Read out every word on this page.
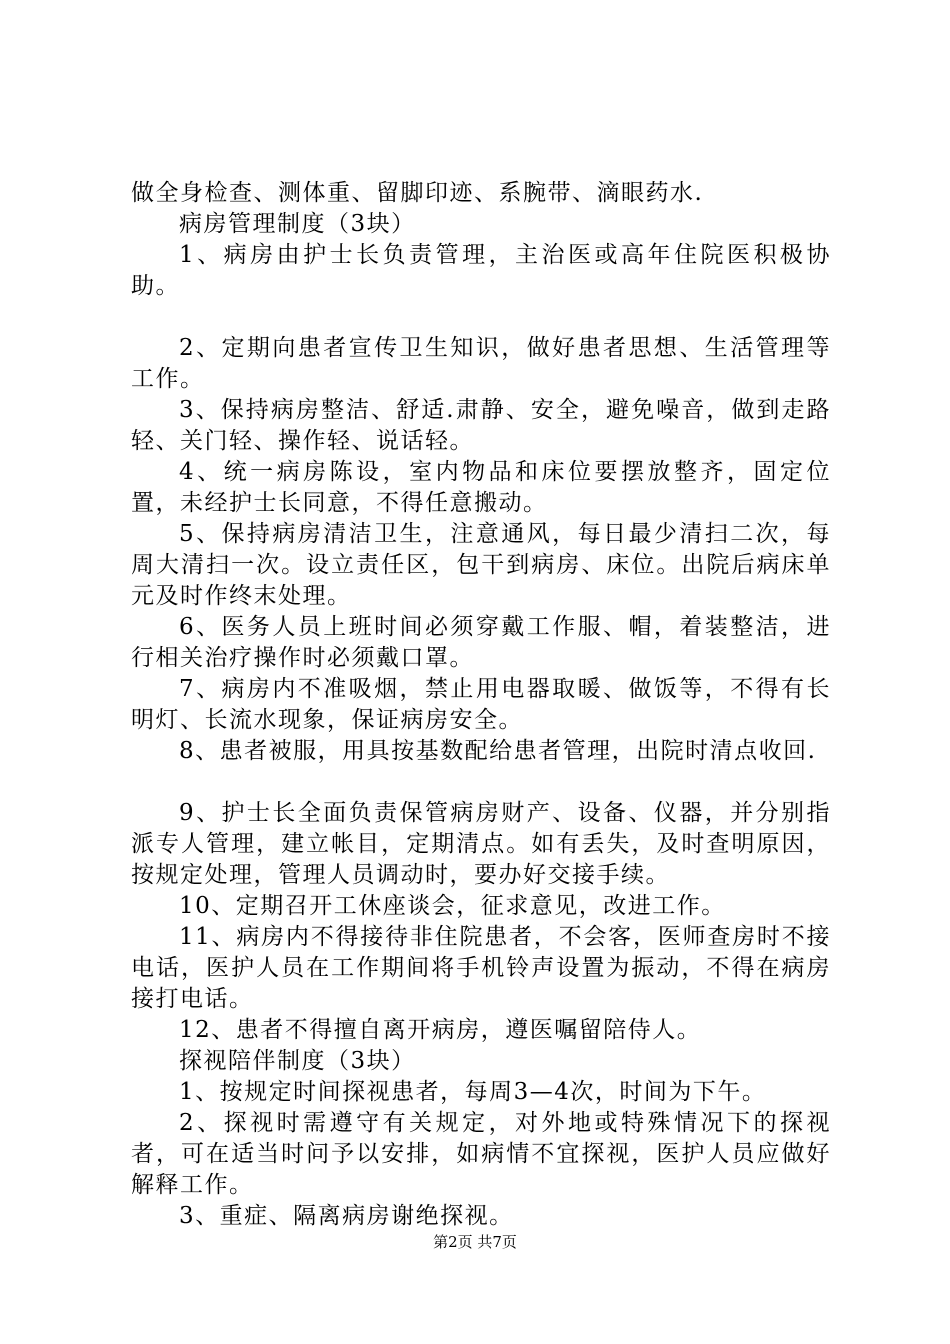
做全身检查、测体重、留脚印迹、系腕带、滴眼药水.

病房管理制度（3块）

1、病房由护士长负责管理，主治医或高年住院医积极协助。

2、定期向患者宣传卫生知识，做好患者思想、生活管理等工作。

3、保持病房整洁、舒适.肃静、安全，避免噪音，做到走路轻、关门轻、操作轻、说话轻。

4、统一病房陈设，室内物品和床位要摆放整齐，固定位置，未经护士长同意，不得任意搬动。

5、保持病房清洁卫生，注意通风，每日最少清扫二次，每周大清扫一次。设立责任区，包干到病房、床位。出院后病床单元及时作终末处理。

6、医务人员上班时间必须穿戴工作服、帽，着装整洁，进行相关治疗操作时必须戴口罩。

7、病房内不准吸烟，禁止用电器取暖、做饭等，不得有长明灯、长流水现象，保证病房安全。

8、患者被服，用具按基数配给患者管理，出院时清点收回.

9、护士长全面负责保管病房财产、设备、仪器，并分别指派专人管理，建立帐目，定期清点。如有丢失，及时查明原因，按规定处理，管理人员调动时，要办好交接手续。

10、定期召开工休座谈会，征求意见，改进工作。

11、病房内不得接待非住院患者，不会客，医师查房时不接电话，医护人员在工作期间将手机铃声设置为振动，不得在病房接打电话。

12、患者不得擅自离开病房，遵医嘱留陪侍人。

探视陪伴制度（3块）

1、按规定时间探视患者，每周3—4次，时间为下午。

2、探视时需遵守有关规定，对外地或特殊情况下的探视者，可在适当时问予以安排，如病情不宜探视，医护人员应做好解释工作。

3、重症、隔离病房谢绝探视。

第2页 共7页
